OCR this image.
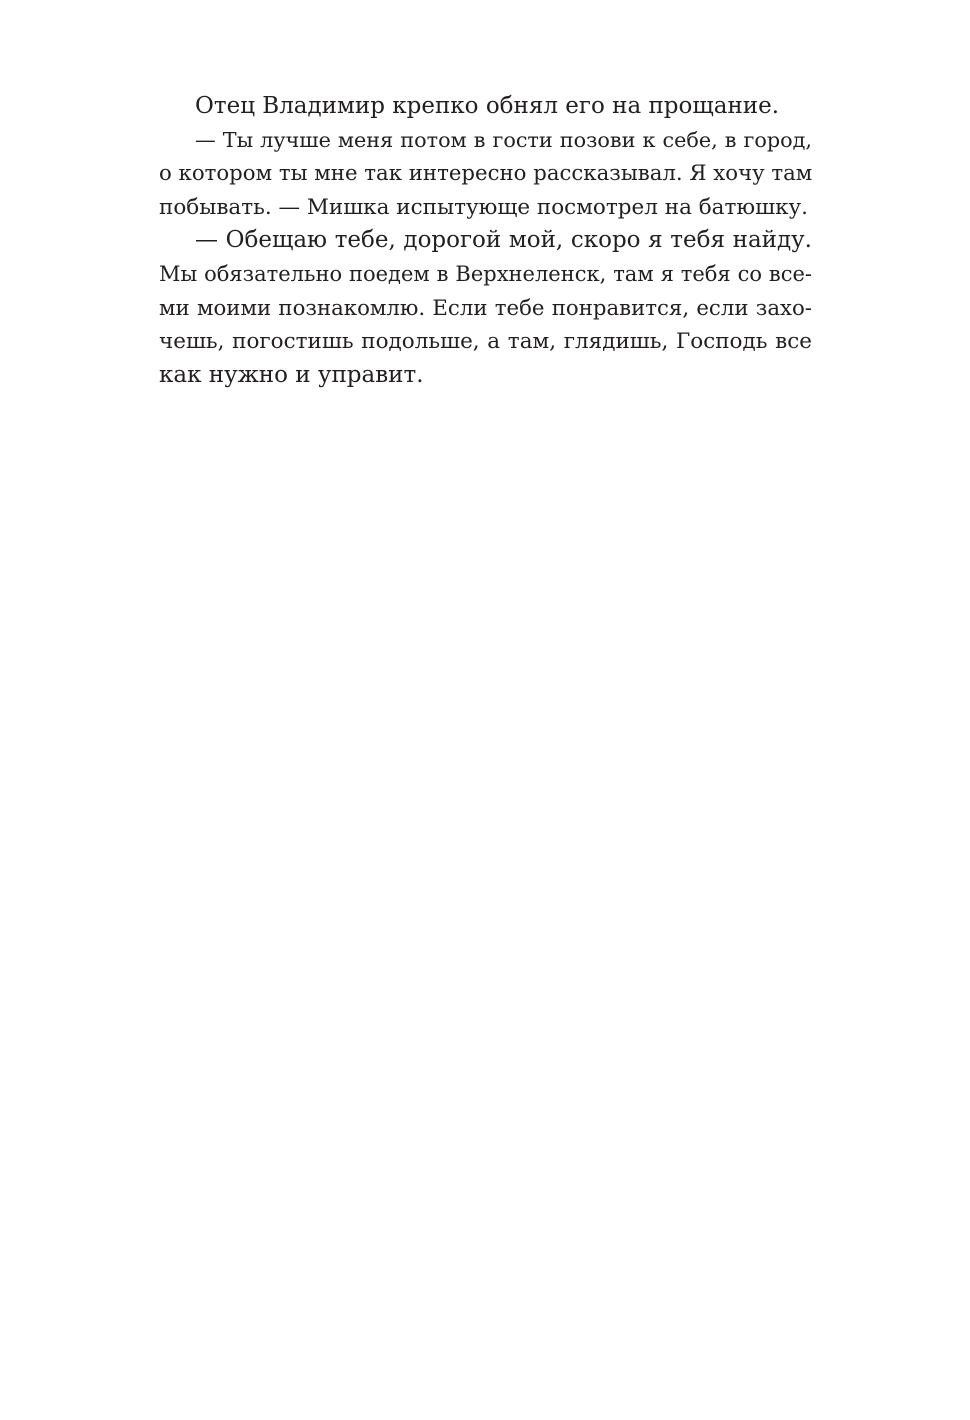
Отец Владимир крепко обнял его на прощание.
— Ты лучше меня потом в гости позови к себе, в город,
о котором ты мне так интересно рассказывал. Я хочу там
побывать. — Мишка испытующе посмотрел на батюшку.
— Обещаю тебе, дорогой мой, скоро я тебя найду.
Мы обязательно поедем в Верхнеленск, там я тебя со все-
ми моими познакомлю. Если тебе понравится, если захо-
чешь, погостишь подольше, а там, глядишь, Господь все
как нужно и управит.
